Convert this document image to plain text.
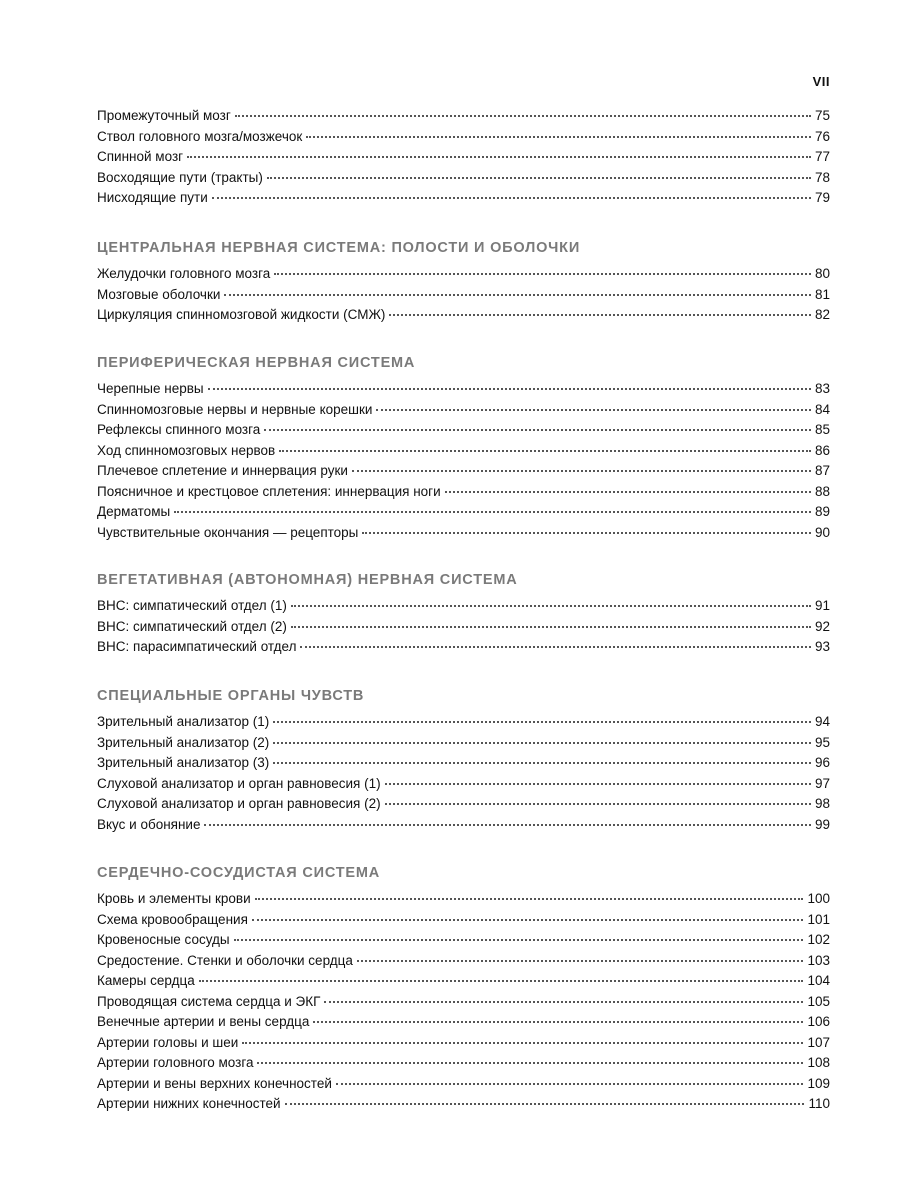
VII
Промежуточный мозг	75
Ствол головного мозга/мозжечок	76
Спинной мозг	77
Восходящие пути (тракты)	78
Нисходящие пути	79
ЦЕНТРАЛЬНАЯ НЕРВНАЯ СИСТЕМА: ПОЛОСТИ И ОБОЛОЧКИ
Желудочки головного мозга	80
Мозговые оболочки	81
Циркуляция спинномозговой жидкости (СМЖ)	82
ПЕРИФЕРИЧЕСКАЯ НЕРВНАЯ СИСТЕМА
Черепные нервы	83
Спинномозговые нервы и нервные корешки	84
Рефлексы спинного мозга	85
Ход спинномозговых нервов	86
Плечевое сплетение и иннервация руки	87
Поясничное и крестцовое сплетения: иннервация ноги	88
Дерматомы	89
Чувствительные окончания — рецепторы	90
ВЕГЕТАТИВНАЯ (АВТОНОМНАЯ) НЕРВНАЯ СИСТЕМА
ВНС: симпатический отдел (1)	91
ВНС: симпатический отдел (2)	92
ВНС: парасимпатический отдел	93
СПЕЦИАЛЬНЫЕ ОРГАНЫ ЧУВСТВ
Зрительный анализатор (1)	94
Зрительный анализатор (2)	95
Зрительный анализатор (3)	96
Слуховой анализатор и орган равновесия (1)	97
Слуховой анализатор и орган равновесия (2)	98
Вкус и обоняние	99
СЕРДЕЧНО-СОСУДИСТАЯ СИСТЕМА
Кровь и элементы крови	100
Схема кровообращения	101
Кровеносные сосуды	102
Средостение. Стенки и оболочки сердца	103
Камеры сердца	104
Проводящая система сердца и ЭКГ	105
Венечные артерии и вены сердца	106
Артерии головы и шеи	107
Артерии головного мозга	108
Артерии и вены верхних конечностей	109
Артерии нижних конечностей	110
